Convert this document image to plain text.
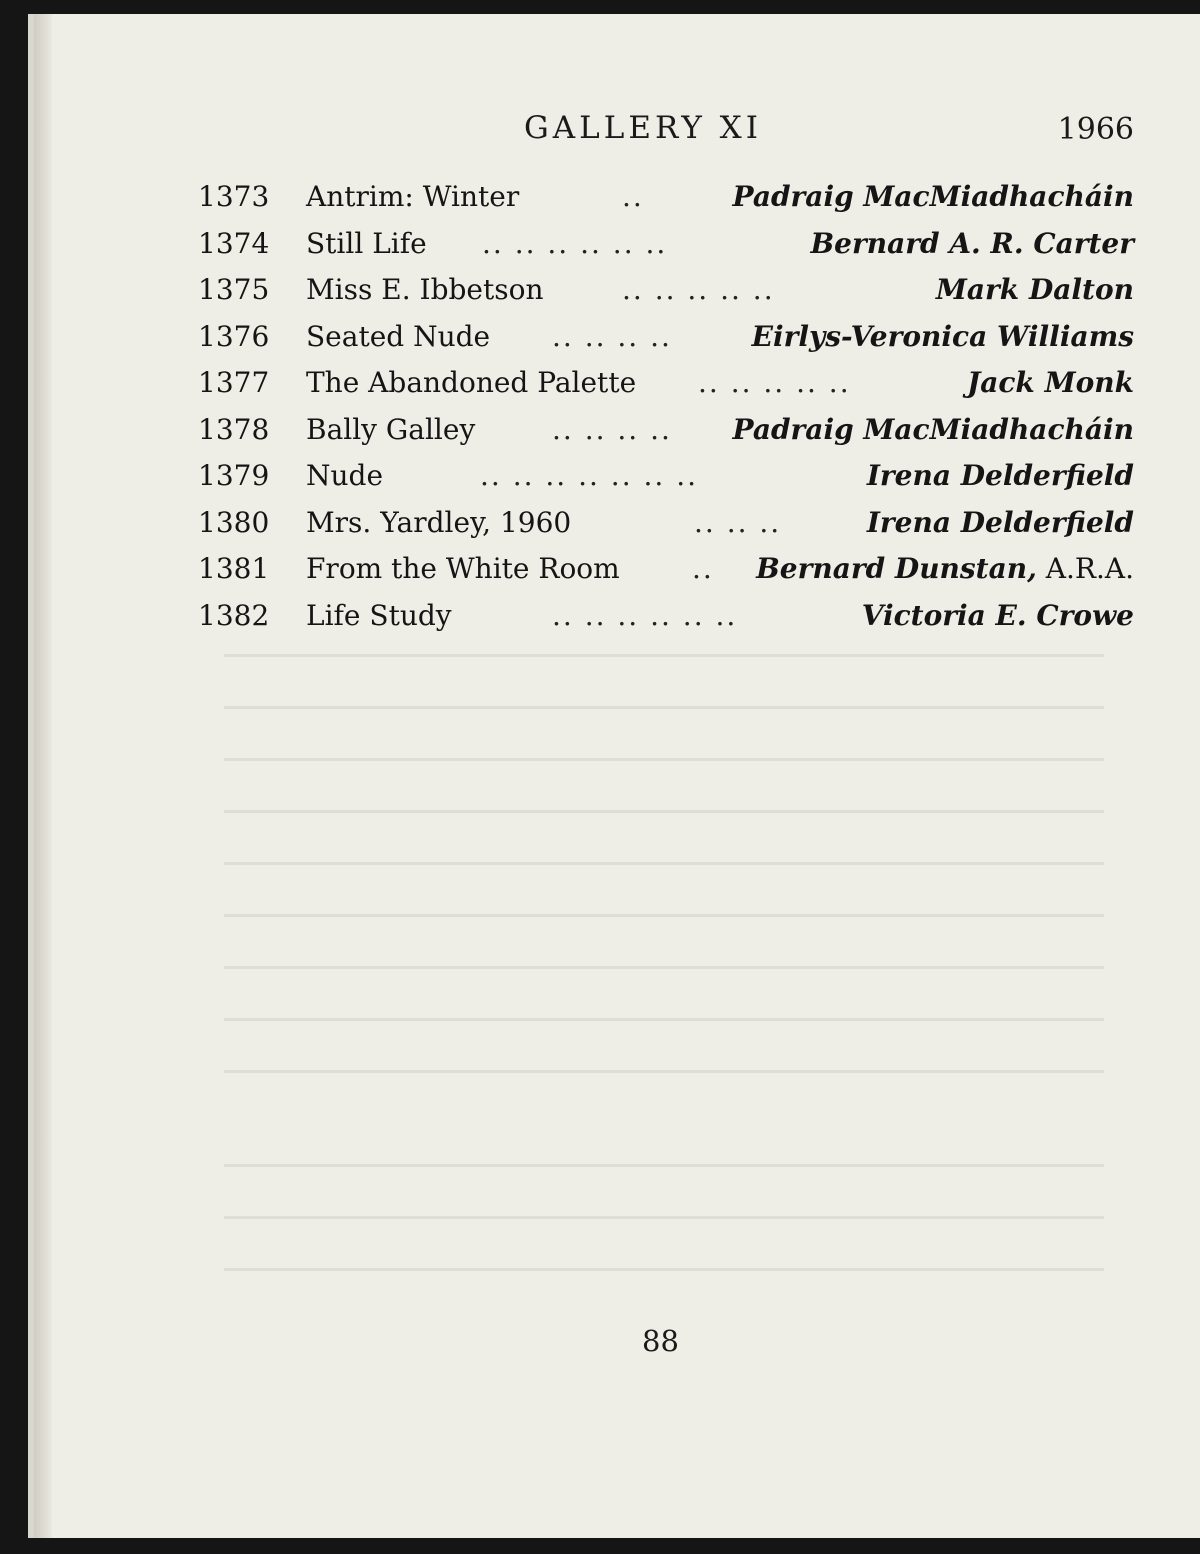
GALLERY XI	1966
1373	Antrim: Winter	..	Padraig MacMiadhacháin
1374	Still Life .. .. .. .. .. ..	Bernard A. R. Carter
1375	Miss E. Ibbetson	.. .. .. .. ..	Mark Dalton
1376	Seated Nude .. .. .. ..	Eirlys-Veronica Williams
1377	The Abandoned Palette .. .. .. .. ..	Jack Monk
1378	Bally Galley	.. .. .. .. Padraig MacMiadhacháin
1379	Nude	.. .. .. .. .. .. ..	Irena Delderfield
1380	Mrs. Yardley, 1960	.. .. ..	Irena Delderfield
1381	From the White Room	.. Bernard Dunstan, A.R.A.
1382	Life Study	.. .. .. .. .. ..	Victoria E. Crowe
88
